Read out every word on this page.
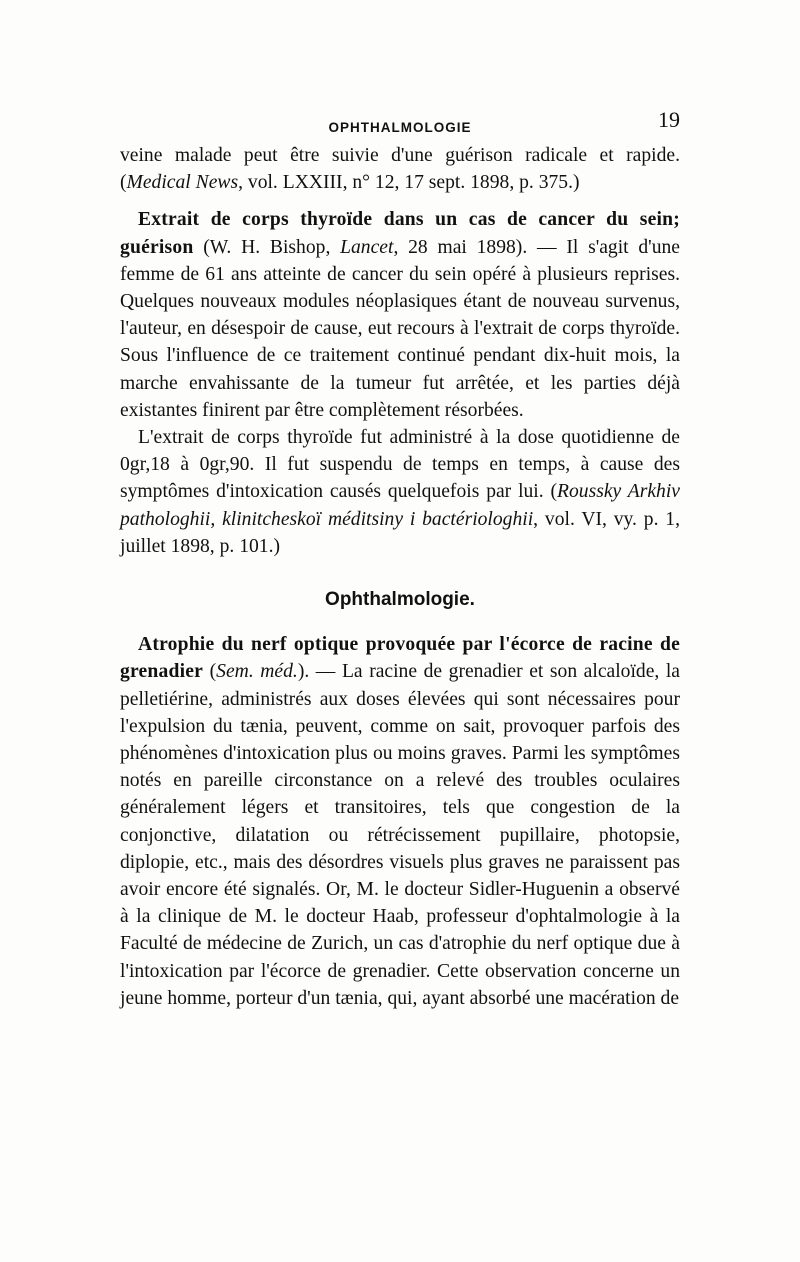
OPHTHALMOLOGIE	19

veine malade peut être suivie d'une guérison radicale et rapide. (Medical News, vol. LXXIII, n° 12, 17 sept. 1898, p. 375.)

Extrait de corps thyroïde dans un cas de cancer du sein; guérison (W. H. Bishop, Lancet, 28 mai 1898). — Il s'agit d'une femme de 61 ans atteinte de cancer du sein opéré à plusieurs reprises. Quelques nouveaux modules néoplasiques étant de nouveau survenus, l'auteur, en désespoir de cause, eut recours à l'extrait de corps thyroïde. Sous l'influence de ce traitement continué pendant dix-huit mois, la marche envahissante de la tumeur fut arrêtée, et les parties déjà existantes finirent par être complètement résorbées.

L'extrait de corps thyroïde fut administré à la dose quotidienne de 0gr,18 à 0gr,90. Il fut suspendu de temps en temps, à cause des symptômes d'intoxication causés quelquefois par lui. (Roussky Arkhiv pathologhii, klinitcheskoï méditsiny i bactériologhii, vol. VI, vy. p. 1, juillet 1898, p. 101.)

Ophthalmologie.

Atrophie du nerf optique provoquée par l'écorce de racine de grenadier (Sem. méd.). — La racine de grenadier et son alcaloïde, la pelletiérine, administrés aux doses élevées qui sont nécessaires pour l'expulsion du tænia, peuvent, comme on sait, provoquer parfois des phénomènes d'intoxication plus ou moins graves. Parmi les symptômes notés en pareille circonstance on a relevé des troubles oculaires généralement légers et transitoires, tels que congestion de la conjonctive, dilatation ou rétrécissement pupillaire, photopsie, diplopie, etc., mais des désordres visuels plus graves ne paraissent pas avoir encore été signalés. Or, M. le docteur Sidler-Huguenin a observé à la clinique de M. le docteur Haab, professeur d'ophtalmologie à la Faculté de médecine de Zurich, un cas d'atrophie du nerf optique due à l'intoxication par l'écorce de grenadier. Cette observation concerne un jeune homme, porteur d'un tænia, qui, ayant absorbé une macération de
